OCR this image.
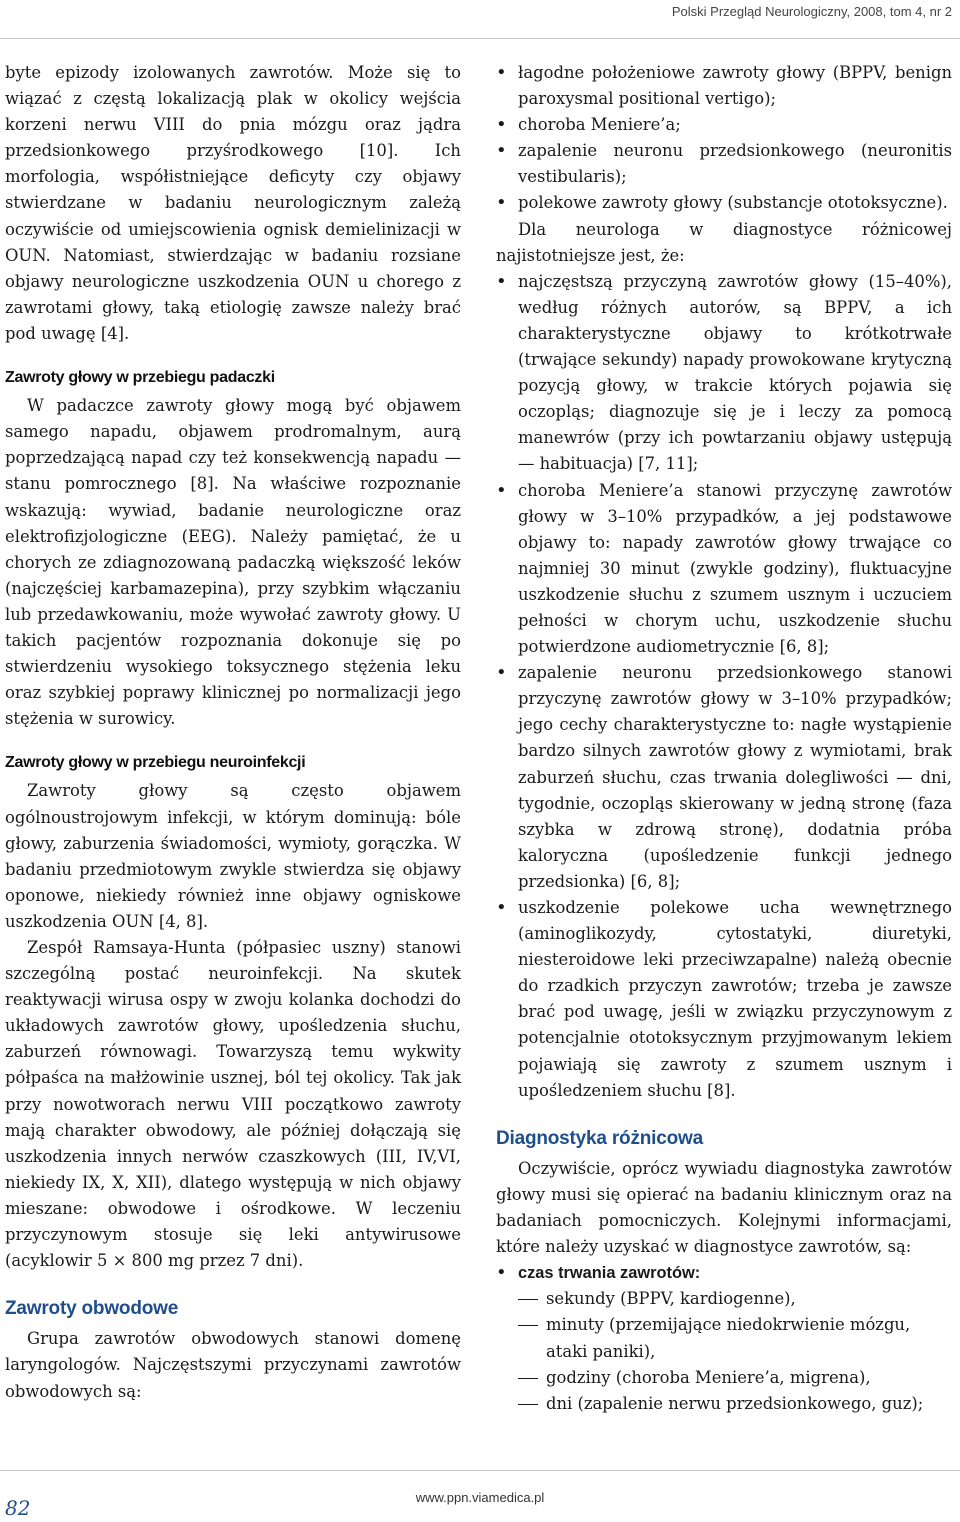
Polski Przegląd Neurologiczny, 2008, tom 4, nr 2

byte epizody izolowanych zawrotów. Może się to wiązać z częstą lokalizacją plak w okolicy wejścia korzeni nerwu VIII do pnia mózgu oraz jądra przedsionkowego przyśrodkowego [10]. Ich morfologia, współistniejące deficyty czy objawy stwierdzane w badaniu neurologicznym zależą oczywiście od umiejscowienia ognisk demielinizacji w OUN. Natomiast, stwierdzając w badaniu rozsiane objawy neurologiczne uszkodzenia OUN u chorego z zawrotami głowy, taką etiologię zawsze należy brać pod uwagę [4].

Zawroty głowy w przebiegu padaczki

W padaczce zawroty głowy mogą być objawem samego napadu, objawem prodromalnym, aurą poprzedzającą napad czy też konsekwencją napadu — stanu pomrocznego [8]. Na właściwe rozpoznanie wskazują: wywiad, badanie neurologiczne oraz elektrofizjologiczne (EEG). Należy pamiętać, że u chorych ze zdiagnozowaną padaczką większość leków (najczęściej karbamazepina), przy szybkim włączaniu lub przedawkowaniu, może wywołać zawroty głowy. U takich pacjentów rozpoznania dokonuje się po stwierdzeniu wysokiego toksycznego stężenia leku oraz szybkiej poprawy klinicznej po normalizacji jego stężenia w surowicy.

Zawroty głowy w przebiegu neuroinfekcji

Zawroty głowy są często objawem ogólnoustrojowym infekcji, w którym dominują: bóle głowy, zaburzenia świadomości, wymioty, gorączka. W badaniu przedmiotowym zwykle stwierdza się objawy oponowe, niekiedy również inne objawy ogniskowe uszkodzenia OUN [4, 8].

Zespół Ramsaya-Hunta (półpasiec uszny) stanowi szczególną postać neuroinfekcji. Na skutek reaktywacji wirusa ospy w zwoju kolanka dochodzi do układowych zawrotów głowy, upośledzenia słuchu, zaburzeń równowagi. Towarzyszą temu wykwity półpaśca na małżowinie usznej, ból tej okolicy. Tak jak przy nowotworach nerwu VIII początkowo zawroty mają charakter obwodowy, ale później dołączają się uszkodzenia innych nerwów czaszkowych (III, IV,VI, niekiedy IX, X, XII), dlatego występują w nich objawy mieszane: obwodowe i ośrodkowe. W leczeniu przyczynowym stosuje się leki antywirusowe (acyklowir 5 × 800 mg przez 7 dni).

Zawroty obwodowe

Grupa zawrotów obwodowych stanowi domenę laryngologów. Najczęstszymi przyczynami zawrotów obwodowych są:

• łagodne położeniowe zawroty głowy (BPPV, benign paroxysmal positional vertigo);
• choroba Meniere’a;
• zapalenie neuronu przedsionkowego (neuronitis vestibularis);
• polekowe zawroty głowy (substancje ototoksyczne).

Dla neurologa w diagnostyce różnicowej najistotniejsze jest, że:

• najczęstszą przyczyną zawrotów głowy (15–40%), według różnych autorów, są BPPV, a ich charakterystyczne objawy to krótkotrwałe (trwające sekundy) napady prowokowane krytyczną pozycją głowy, w trakcie których pojawia się oczopląs; diagnozuje się je i leczy za pomocą manewrów (przy ich powtarzaniu objawy ustępują — habituacja) [7, 11];
• choroba Meniere’a stanowi przyczynę zawrotów głowy w 3–10% przypadków, a jej podstawowe objawy to: napady zawrotów głowy trwające co najmniej 30 minut (zwykle godziny), fluktuacyjne uszkodzenie słuchu z szumem usznym i uczuciem pełności w chorym uchu, uszkodzenie słuchu potwierdzone audiometrycznie [6, 8];
• zapalenie neuronu przedsionkowego stanowi przyczynę zawrotów głowy w 3–10% przypadków; jego cechy charakterystyczne to: nagłe wystąpienie bardzo silnych zawrotów głowy z wymiotami, brak zaburzeń słuchu, czas trwania dolegliwości — dni, tygodnie, oczopląs skierowany w jedną stronę (faza szybka w zdrową stronę), dodatnia próba kaloryczna (upośledzenie funkcji jednego przedsionka) [6, 8];
• uszkodzenie polekowe ucha wewnętrznego (aminoglikozydy, cytostatyki, diuretyki, niesteroidowe leki przeciwzapalne) należą obecnie do rzadkich przyczyn zawrotów; trzeba je zawsze brać pod uwagę, jeśli w związku przyczynowym z potencjalnie ototoksycznym przyjmowanym lekiem pojawiają się zawroty z szumem usznym i upośledzeniem słuchu [8].
Diagnostyka różnicowa

Oczywiście, oprócz wywiadu diagnostyka zawrotów głowy musi się opierać na badaniu klinicznym oraz na badaniach pomocniczych. Kolejnymi informacjami, które należy uzyskać w diagnostyce zawrotów, są:

• czas trwania zawrotów:
sekundy (BPPV, kardiogenne),
minuty (przemijające niedokrwienie mózgu, ataki paniki),
godziny (choroba Meniere’a, migrena),
dni (zapalenie nerwu przedsionkowego, guz);
82	www.ppn.viamedica.pl
